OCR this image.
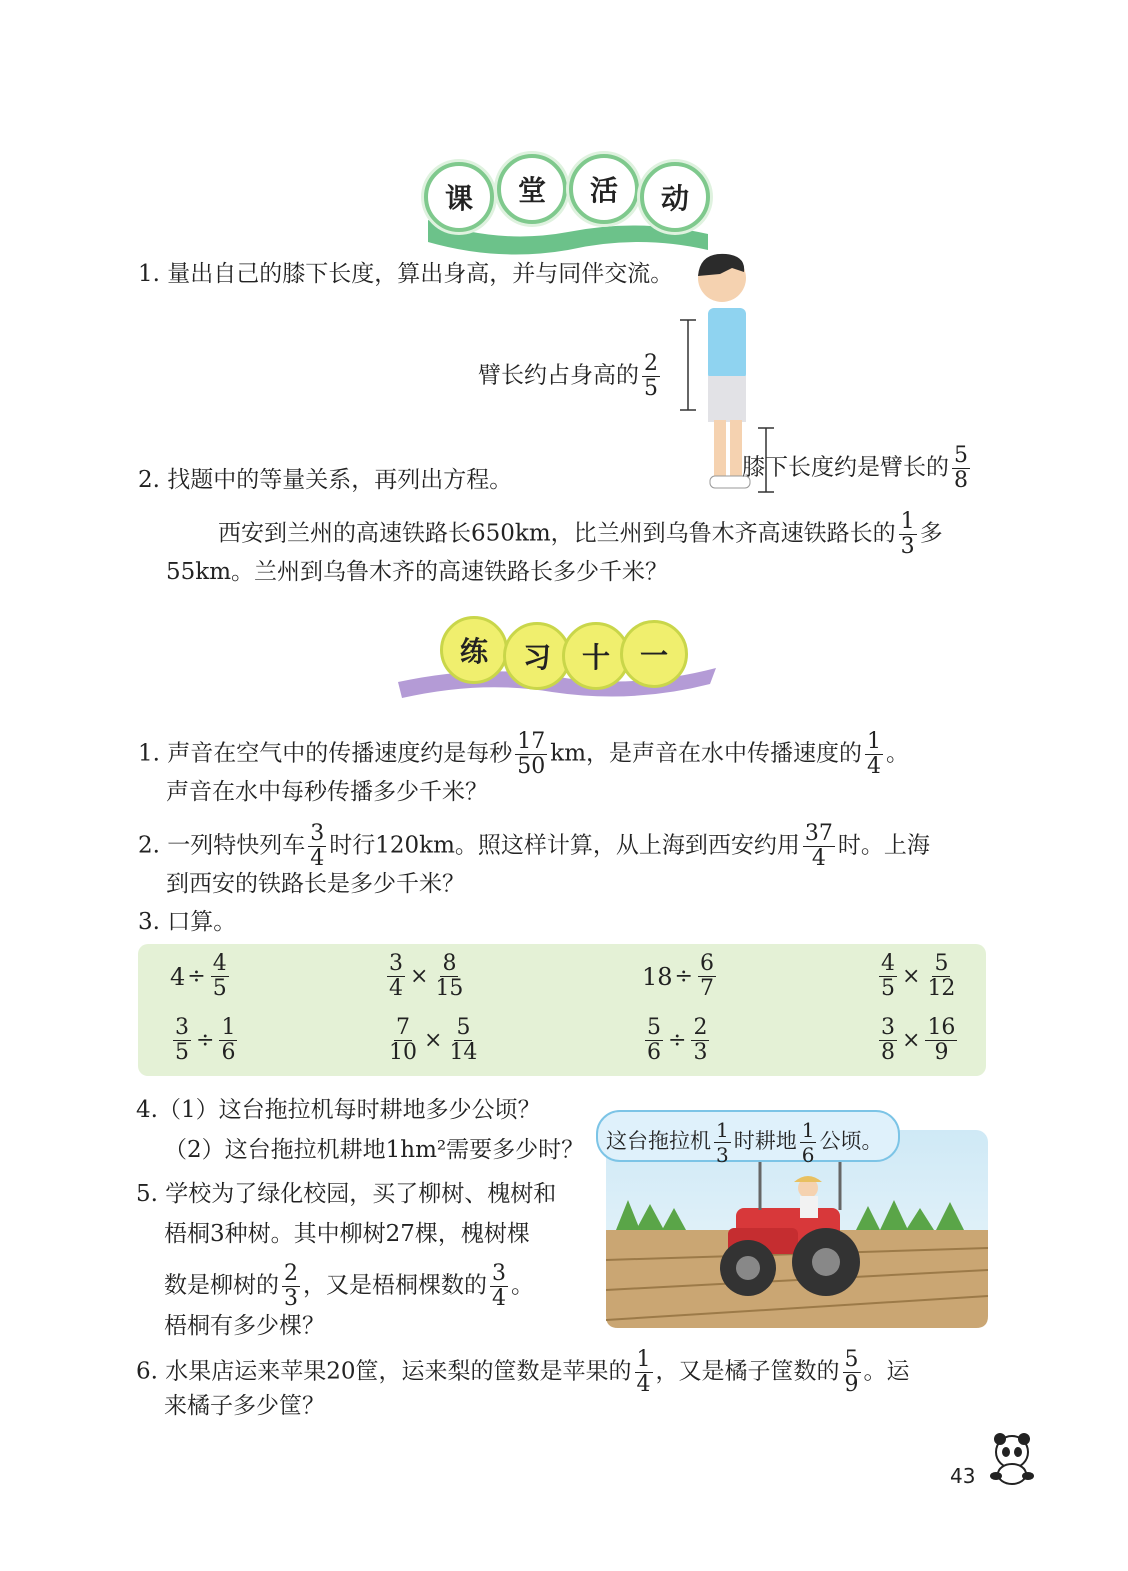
课	堂	活	动
1. 量出自己的膝下长度，算出身高，并与同伴交流。
臂长约占身高的 $\frac{2}{5}$
膝下长度约是臂长的 $\frac{5}{8}$
2. 找题中的等量关系，再列出方程。
西安到兰州的高速铁路长650km，比兰州到乌鲁木齐高速铁路长的 $\frac{1}{3}$ 多
55km。兰州到乌鲁木齐的高速铁路长多少千米？
练	习	十	一
1. 声音在空气中的传播速度约是每秒 $\frac{17}{50}$ km，是声音在水中传播速度的 $\frac{1}{4}$ 。
声音在水中每秒传播多少千米？
2. 一列特快列车 $\frac{3}{4}$ 时行120km。照这样计算，从上海到西安约用 $\frac{37}{4}$ 时。上海
到西安的铁路长是多少千米？
3. 口算。
$4 \div \frac{4}{5}$	$\frac{3}{4} \times \frac{8}{15}$	$18 \div \frac{6}{7}$	$\frac{4}{5} \times \frac{5}{12}$
$\frac{3}{5} \div \frac{1}{6}$	$\frac{7}{10} \times \frac{5}{14}$	$\frac{5}{6} \div \frac{2}{3}$	$\frac{3}{8} \times \frac{16}{9}$
4.（1）这台拖拉机每时耕地多少公顷？
（2）这台拖拉机耕地1hm²需要多少时？ 这台拖拉机 $\frac{1}{3}$ 时耕地 $\frac{1}{6}$ 公顷。
5. 学校为了绿化校园，买了柳树、槐树和
梧桐3种树。其中柳树27棵，槐树棵
数是柳树的 $\frac{2}{3}$ ，又是梧桐棵数的 $\frac{3}{4}$ 。
梧桐有多少棵？
6. 水果店运来苹果20筐，运来梨的筐数是苹果的 $\frac{1}{4}$ ，又是橘子筐数的 $\frac{5}{9}$ 。运
来橘子多少筐？
43
